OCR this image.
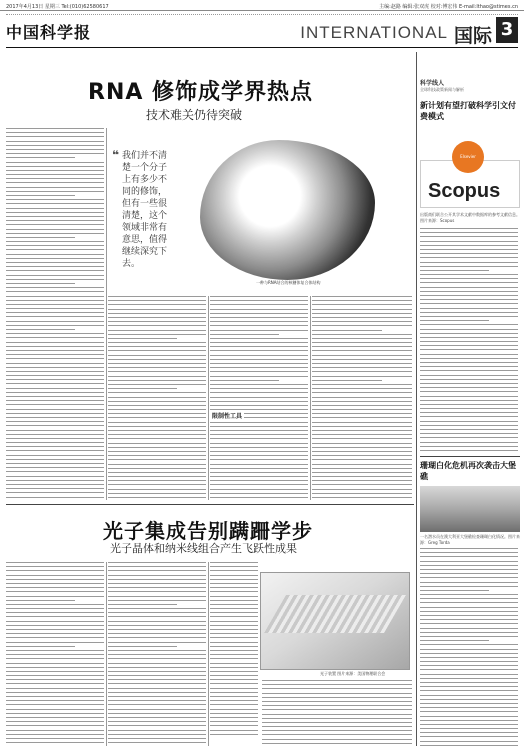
2017年4月13日 星期三 Tel:(010)62580617	主编:赵路 编辑:张双虎 校对:傅宏伟 E-mail:lthao@stimes.cn
中国科学报	INTERNATIONAL 国际 3
RNA 修饰成学界热点
技术难关仍待突破
❝ 我们并不清楚一个分子上有多少不同的修饰，但有一些很清楚，这个领域非常有意思，值得继续深究下去。
一种与RNA结合的核糖体复合体结构
光子集成告别蹒跚学步
光子晶体和纳米线组合产生飞跃性成果
光子装置 图片来源：美国物理联合会
科学线人
全球科技政策新闻与解析
新计划有望打破科学引文付费模式
Elsevier
Scopus
出版商们联合公开其学术文献中数据库的参考文献信息。图片来源：Scopus
珊瑚白化危机再次袭击大堡礁
一名潜水员在澳大利亚大堡礁检查珊瑚白化情况。图片来源：Greg Torda
限制性工具
